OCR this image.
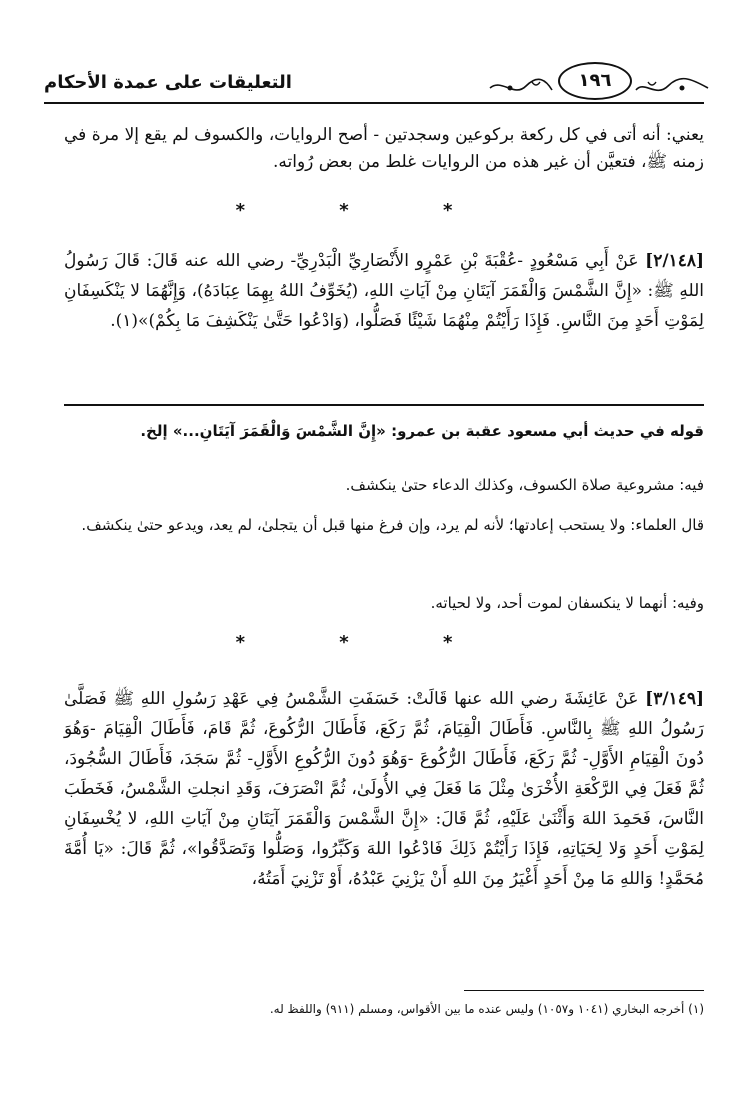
التعليقات على عمدة الأحكام	١٩٦
يعني: أنه أتى في كل ركعة بركوعين وسجدتين - أصح الروايات، والكسوف لم يقع إلا مرة في زمنه ﷺ، فتعيَّن أن غير هذه من الروايات غلط من بعض رُواته.
* * *
[٢/١٤٨] عَنْ أَبِي مَسْعُودٍ -عُقْبَةَ بْنِ عَمْرٍو الأَنْصَارِيِّ الْبَدْرِيِّ- رضي الله عنه قَالَ: قَالَ رَسُولُ اللهِ ﷺ: «إِنَّ الشَّمْسَ وَالْقَمَرَ آيَتَانِ مِنْ آيَاتِ اللهِ، (يُخَوِّفُ اللهُ بِهِمَا عِبَادَهُ)، وَإِنَّهُمَا لا يَنْكَسِفَانِ لِمَوْتِ أَحَدٍ مِنَ النَّاسِ. فَإِذَا رَأَيْتُمْ مِنْهُمَا شَيْئًا فَصَلُّوا، (وَادْعُوا حَتَّىٰ يَنْكَشِفَ مَا بِكُمْ)»(١).
قوله في حديث أبي مسعود عقبة بن عمرو: «إِنَّ الشَّمْسَ وَالْقَمَرَ آيَتَانِ...» إلخ.
فيه: مشروعية صلاة الكسوف، وكذلك الدعاء حتىٰ ينكشف.
قال العلماء: ولا يستحب إعادتها؛ لأنه لم يرد، وإن فرغ منها قبل أن يتجلىٰ، لم يعد، ويدعو حتىٰ ينكشف.
وفيه: أنهما لا ينكسفان لموت أحد، ولا لحياته.
* * *
[٣/١٤٩] عَنْ عَائِشَةَ رضي الله عنها قَالَتْ: خَسَفَتِ الشَّمْسُ فِي عَهْدِ رَسُولِ اللهِ ﷺ فَصَلَّىٰ رَسُولُ اللهِ ﷺ بِالنَّاسِ. فَأَطَالَ الْقِيَامَ، ثُمَّ رَكَعَ، فَأَطَالَ الرُّكُوعَ، ثُمَّ قَامَ، فَأَطَالَ الْقِيَامَ -وَهُوَ دُونَ الْقِيَامِ الأَوَّلِ- ثُمَّ رَكَعَ، فَأَطَالَ الرُّكُوعَ -وَهُوَ دُونَ الرُّكُوعِ الأَوَّلِ- ثُمَّ سَجَدَ، فَأَطَالَ السُّجُودَ، ثُمَّ فَعَلَ فِي الرَّكْعَةِ الأُخْرَىٰ مِثْلَ مَا فَعَلَ فِي الأُولَىٰ، ثُمَّ انْصَرَفَ، وَقَدِ انجلتِ الشَّمْسُ، فَخَطَبَ النَّاسَ، فَحَمِدَ اللهَ وَأَثْنَىٰ عَلَيْهِ، ثُمَّ قَالَ: «إِنَّ الشَّمْسَ وَالْقَمَرَ آيَتَانِ مِنْ آيَاتِ اللهِ، لا يُخْسِفَانِ لِمَوْتِ أَحَدٍ وَلا لِحَيَاتِهِ، فَإِذَا رَأَيْتُمْ ذَلِكَ فَادْعُوا اللهَ وَكَبِّرُوا، وَصَلُّوا وَتَصَدَّقُوا»، ثُمَّ قَالَ: «يَا أُمَّةَ مُحَمَّدٍ! وَاللهِ مَا مِنْ أَحَدٍ أَغْيَرُ مِنَ اللهِ أَنْ يَزْنِيَ عَبْدُهُ، أَوْ تَزْنِيَ أَمَتُهُ،
(١) أخرجه البخاري (١٠٤١ و١٠٥٧) وليس عنده ما بين الأقواس، ومسلم (٩١١) واللفظ له.
